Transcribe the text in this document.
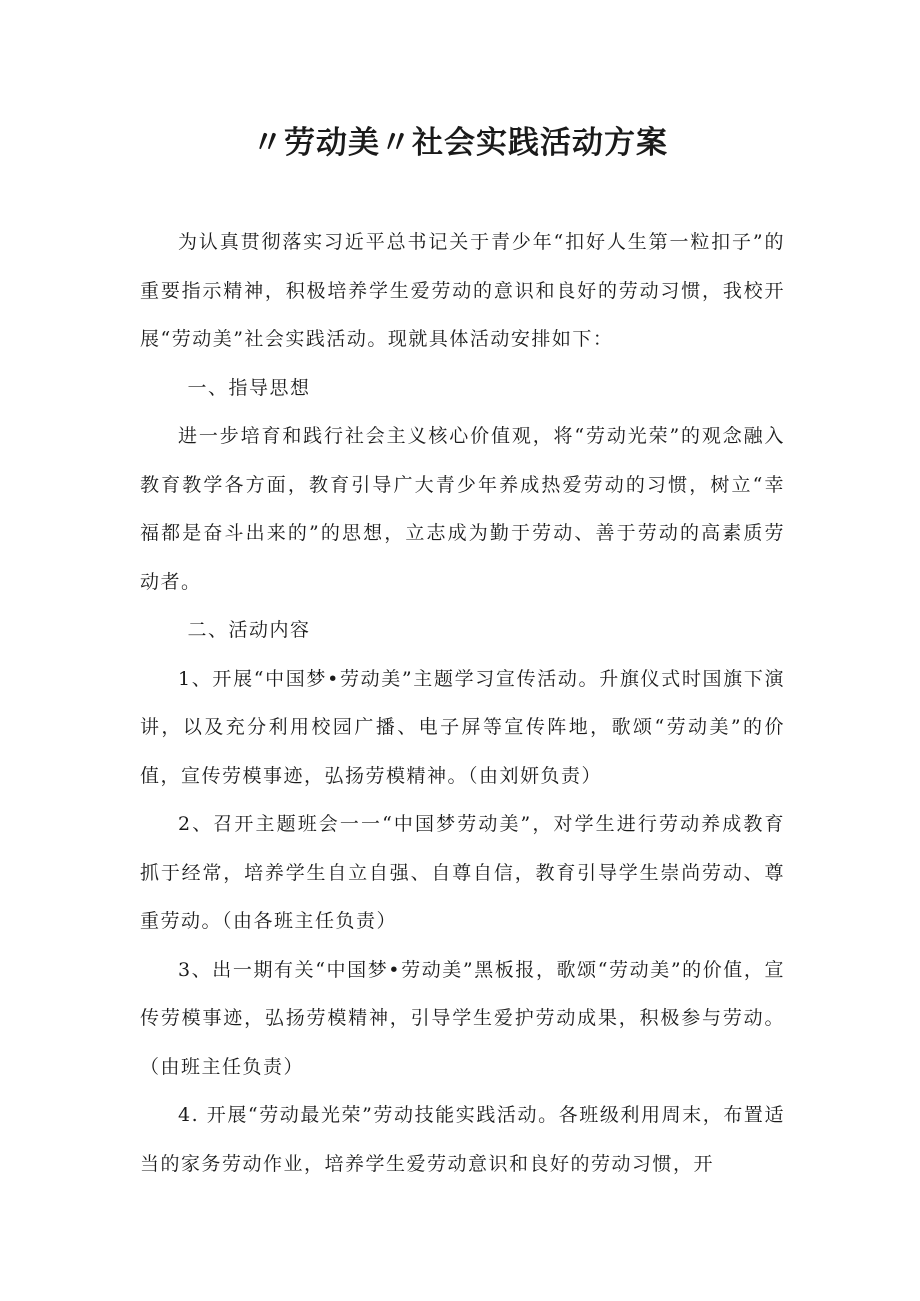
〃劳动美〃社会实践活动方案

为认真贯彻落实习近平总书记关于青少年“扣好人生第一粒扣子”的重要指示精神，积极培养学生爱劳动的意识和良好的劳动习惯，我校开展“劳动美”社会实践活动。现就具体活动安排如下：

一、指导思想

进一步培育和践行社会主义核心价值观，将“劳动光荣”的观念融入教育教学各方面，教育引导广大青少年养成热爱劳动的习惯，树立“幸福都是奋斗出来的”的思想，立志成为勤于劳动、善于劳动的高素质劳动者。

二、活动内容

1、开展“中国梦•劳动美”主题学习宣传活动。升旗仪式时国旗下演讲，以及充分利用校园广播、电子屏等宣传阵地，歌颂“劳动美”的价值，宣传劳模事迹，弘扬劳模精神。（由刘妍负责）

2、召开主题班会一一“中国梦劳动美”，对学生进行劳动养成教育抓于经常，培养学生自立自强、自尊自信，教育引导学生崇尚劳动、尊重劳动。（由各班主任负责）

3、出一期有关“中国梦•劳动美”黑板报，歌颂“劳动美”的价值，宣传劳模事迹，弘扬劳模精神，引导学生爱护劳动成果，积极参与劳动。（由班主任负责）

4. 开展“劳动最光荣”劳动技能实践活动。各班级利用周末，布置适当的家务劳动作业，培养学生爱劳动意识和良好的劳动习惯，开
